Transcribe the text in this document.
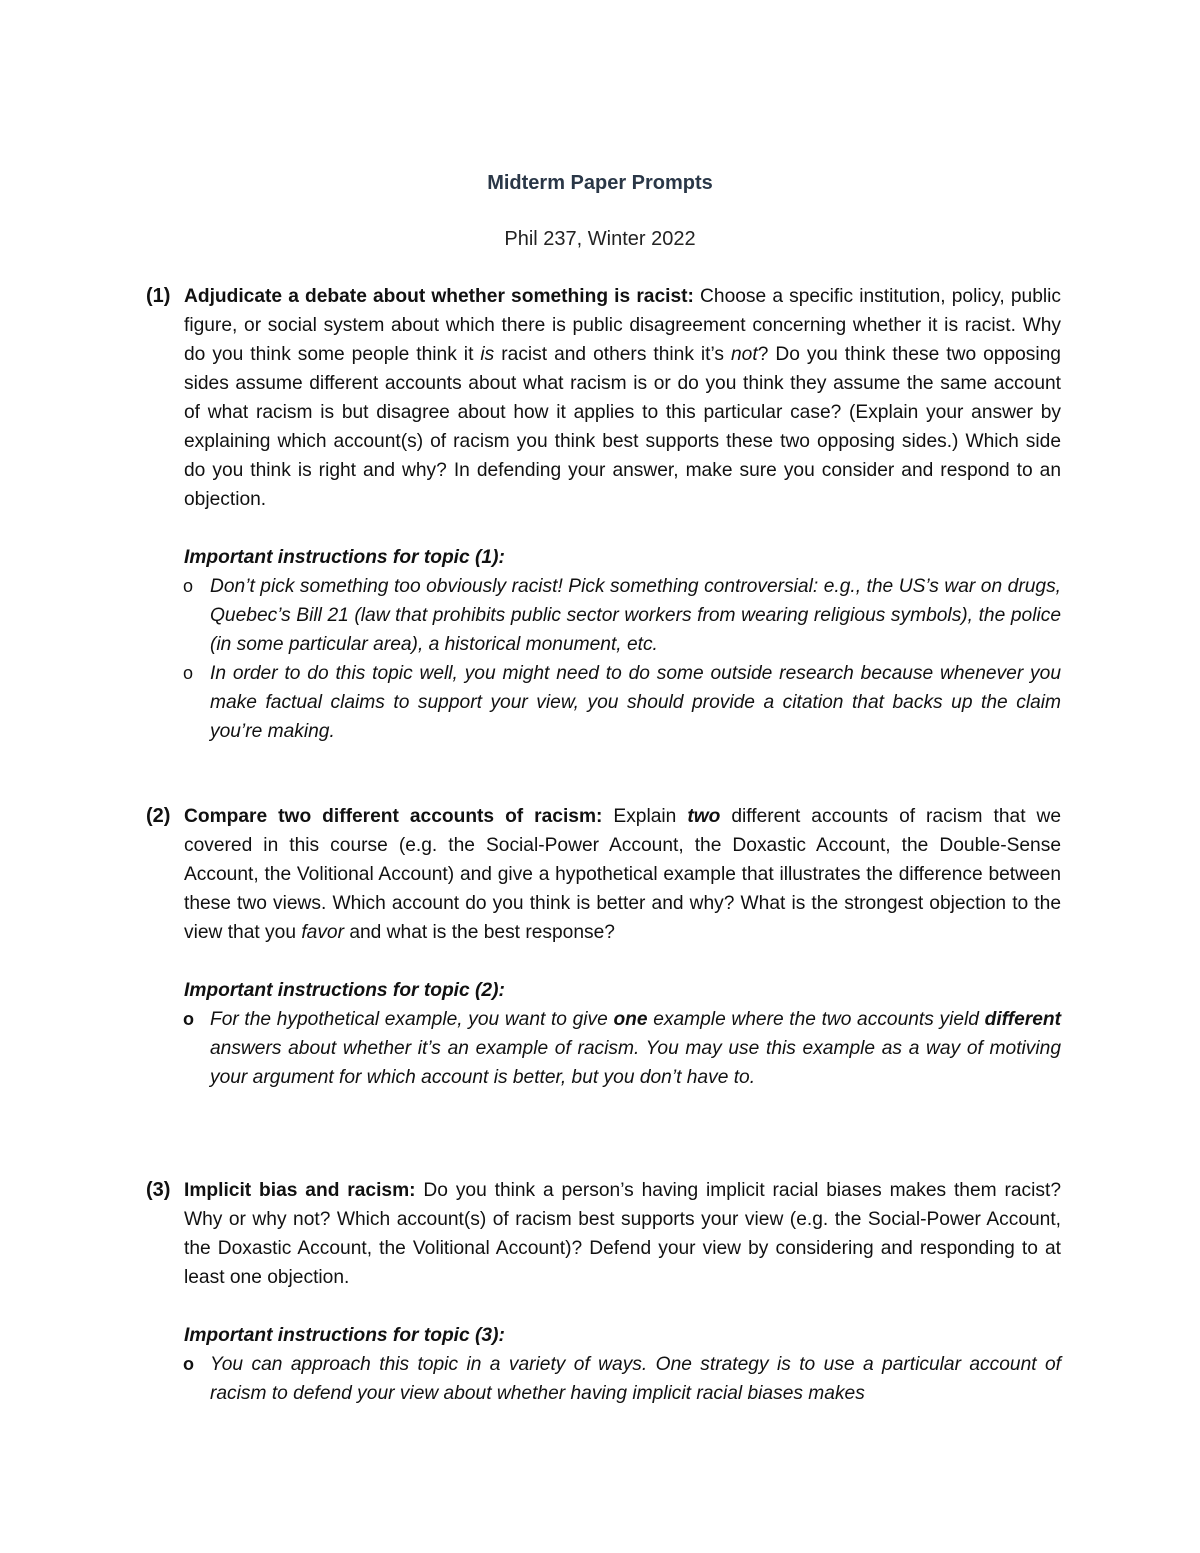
Midterm Paper Prompts
Phil 237, Winter 2022
(1) Adjudicate a debate about whether something is racist: Choose a specific institution, policy, public figure, or social system about which there is public disagreement concerning whether it is racist. Why do you think some people think it is racist and others think it’s not? Do you think these two opposing sides assume different accounts about what racism is or do you think they assume the same account of what racism is but disagree about how it applies to this particular case? (Explain your answer by explaining which account(s) of racism you think best supports these two opposing sides.) Which side do you think is right and why? In defending your answer, make sure you consider and respond to an objection.
Important instructions for topic (1):
o Don’t pick something too obviously racist! Pick something controversial: e.g., the US’s war on drugs, Quebec’s Bill 21 (law that prohibits public sector workers from wearing religious symbols), the police (in some particular area), a historical monument, etc.
o In order to do this topic well, you might need to do some outside research because whenever you make factual claims to support your view, you should provide a citation that backs up the claim you’re making.
(2) Compare two different accounts of racism: Explain two different accounts of racism that we covered in this course (e.g. the Social-Power Account, the Doxastic Account, the Double-Sense Account, the Volitional Account) and give a hypothetical example that illustrates the difference between these two views. Which account do you think is better and why? What is the strongest objection to the view that you favor and what is the best response?
Important instructions for topic (2):
o For the hypothetical example, you want to give one example where the two accounts yield different answers about whether it’s an example of racism. You may use this example as a way of motiving your argument for which account is better, but you don’t have to.
(3) Implicit bias and racism: Do you think a person’s having implicit racial biases makes them racist? Why or why not? Which account(s) of racism best supports your view (e.g. the Social-Power Account, the Doxastic Account, the Volitional Account)? Defend your view by considering and responding to at least one objection.
Important instructions for topic (3):
o You can approach this topic in a variety of ways. One strategy is to use a particular account of racism to defend your view about whether having implicit racial biases makes
